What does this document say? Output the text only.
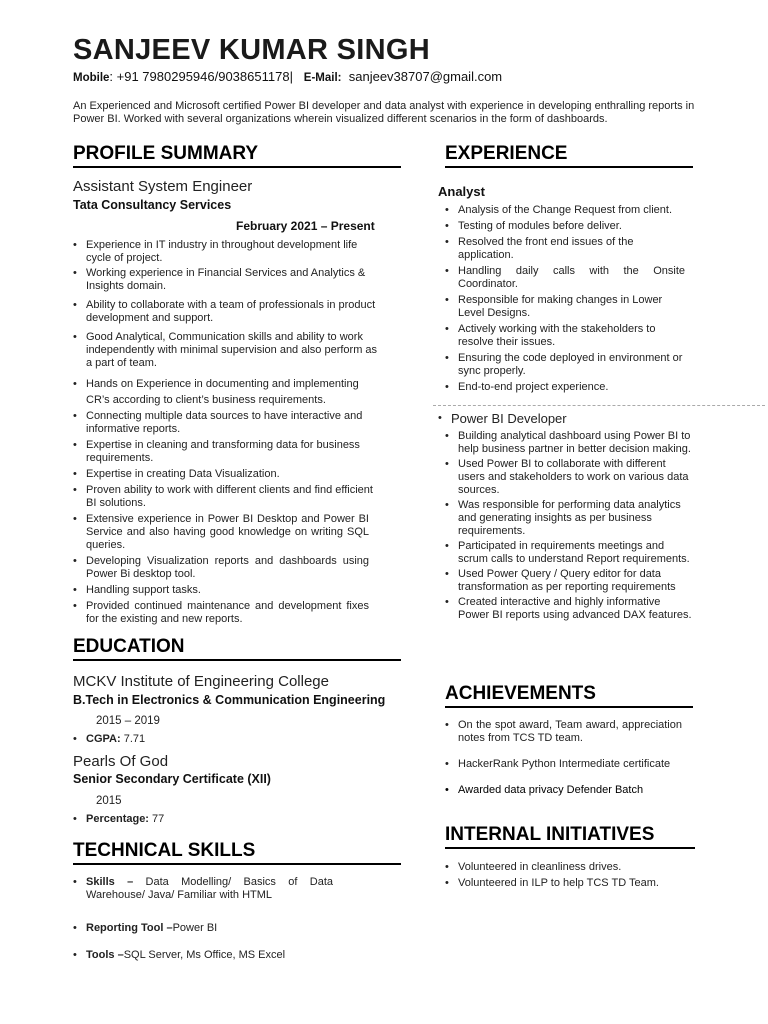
SANJEEV KUMAR SINGH
Mobile: +91 7980295946/9038651178|   E-Mail: sanjeev38707@gmail.com
An Experienced and Microsoft certified Power BI developer and data analyst with experience in developing enthralling reports in Power BI. Worked with several organizations wherein visualized different scenarios in the form of dashboards.
PROFILE SUMMARY
Assistant System Engineer
Tata Consultancy Services
February 2021 – Present
• Experience in IT industry in throughout development life cycle of project.
• Working experience in Financial Services and Analytics & Insights domain.
• Ability to collaborate with a team of professionals in product development and support.
• Good Analytical, Communication skills and ability to work independently with minimal supervision and also perform as a part of team.
• Hands on Experience in documenting and implementing CR’s according to client’s business requirements.
• Connecting multiple data sources to have interactive and informative reports.
• Expertise in cleaning and transforming data for business requirements.
• Expertise in creating Data Visualization.
• Proven ability to work with different clients and find efficient BI solutions.
• Extensive experience in Power BI Desktop and Power BI Service and also having good knowledge on writing SQL queries.
• Developing Visualization reports and dashboards using Power Bi desktop tool.
• Handling support tasks.
• Provided continued maintenance and development fixes for the existing and new reports.
EDUCATION
MCKV Institute of Engineering College
B.Tech in Electronics & Communication Engineering
2015 – 2019
• CGPA: 7.71
Pearls Of God
Senior Secondary Certificate (XII)
2015
• Percentage: 77
TECHNICAL SKILLS
• Skills – Data Modelling/ Basics of Data Warehouse/ Java/ Familiar with HTML
• Reporting Tool –Power BI
• Tools –SQL Server, Ms Office, MS Excel
EXPERIENCE
Analyst
• Analysis of the Change Request from client.
• Testing of modules before deliver.
• Resolved the front end issues of the application.
• Handling daily calls with the Onsite Coordinator.
• Responsible for making changes in Lower Level Designs.
• Actively working with the stakeholders to resolve their issues.
• Ensuring the code deployed in environment or sync properly.
• End-to-end project experience.
• Power BI Developer
• Building analytical dashboard using Power BI to help business partner in better decision making.
• Used Power BI to collaborate with different users and stakeholders to work on various data sources.
• Was responsible for performing data analytics and generating insights as per business requirements.
• Participated in requirements meetings and scrum calls to understand Report requirements.
• Used Power Query / Query editor for data transformation as per reporting requirements
• Created interactive and highly informative Power BI reports using advanced DAX features.
ACHIEVEMENTS
• On the spot award, Team award, appreciation notes from TCS TD team.
• HackerRank Python Intermediate certificate
• Awarded data privacy Defender Batch
INTERNAL INITIATIVES
• Volunteered in cleanliness drives.
• Volunteered in ILP to help TCS TD Team.
